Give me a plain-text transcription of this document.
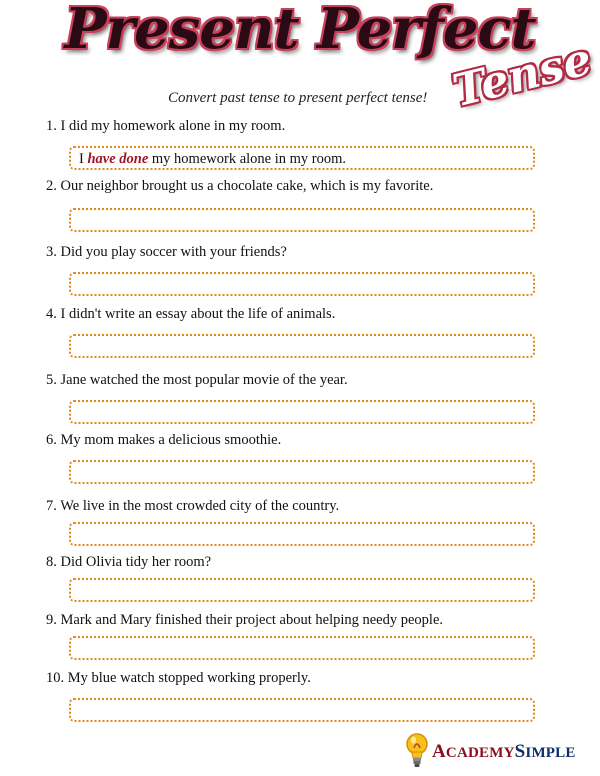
Present Perfect
Tense
Convert past tense to present perfect tense!
1. I did my homework alone in my room.
I have done my homework alone in my room.
2. Our neighbor brought us a chocolate cake, which is my favorite.
3. Did you play soccer with your friends?
4. I didn't write an essay about the life of animals.
5. Jane watched the most popular movie of the year.
6. My mom makes a delicious smoothie.
7. We live in the most crowded city of the country.
8. Did Olivia tidy her room?
9. Mark and Mary finished their project about helping needy people.
10. My blue watch stopped working properly.
ACADEMYSIMPLE
